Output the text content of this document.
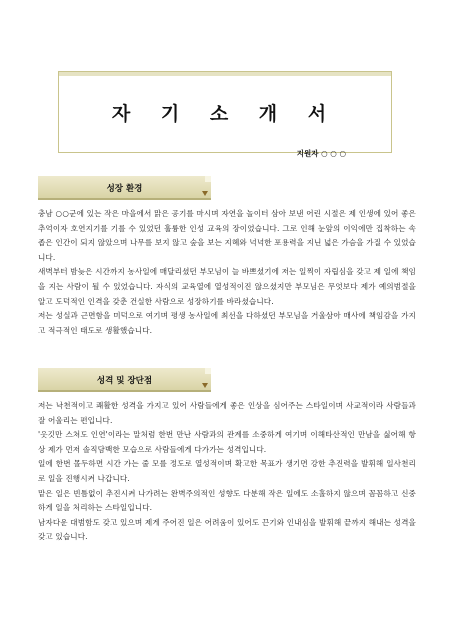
자 기 소 개 서
지원자 ○ ○ ○
성장 환경

충남 ○○군에 있는 작은 마을에서 맑은 공기를 마시며 자연을 놀이터 삼아 보낸 어린 시절은 제 인생에 있어 좋은 추억이자 호연지기를 기를 수 있었던 훌륭한 인성 교육의 장이었습니다. 그로 인해 눈앞의 이익에만 집착하는 속 좁은 인간이 되지 않았으며 나무를 보지 않고 숲을 보는 지혜와 넉넉한 포용력을 지닌 넓은 가슴을 가질 수 있었습니다.

새벽부터 밤늦은 시간까지 농사일에 매달리셨던 부모님이 늘 바쁘셨기에 저는 일찍이 자립심을 갖고 제 일에 책임을 지는 사람이 될 수 있었습니다. 자식의 교육열에 열성적이진 않으셨지만 부모님은 무엇보다 제가 예의범절을 알고 도덕적인 인격을 갖춘 건실한 사람으로 성장하기를 바라셨습니다.

저는 성실과 근면함을 미덕으로 여기며 평생 농사일에 최선을 다하셨던 부모님을 거울삼아 매사에 책임감을 가지고 적극적인 태도로 생활했습니다.

성격 및 장단점

저는 낙천적이고 쾌활한 성격을 가지고 있어 사람들에게 좋은 인상을 심어주는 스타일이며 사교적이라 사람들과 잘 어울리는 편입니다.

'옷깃만 스쳐도 인연'이라는 말처럼 한번 만난 사람과의 관계를 소중하게 여기며 이해타산적인 만남을 싫어해 항상 제가 먼저 솔직담백한 모습으로 사람들에게 다가가는 성격입니다.

일에 한번 몰두하면 시간 가는 줄 모를 정도로 열성적이며 확고한 목표가 생기면 강한 추진력을 발휘해 일사천리로 일을 진행시켜 나갑니다.

맡은 일은 빈틈없이 추진시켜 나가려는 완벽주의적인 성향도 다분해 작은 일에도 소홀하지 않으며 꼼꼼하고 신중하게 일을 처리하는 스타일입니다.

남자다운 대범함도 갖고 있으며 제게 주어진 일은 어려움이 있어도 끈기와 인내심을 발휘해 끝까지 해내는 성격을 갖고 있습니다.
